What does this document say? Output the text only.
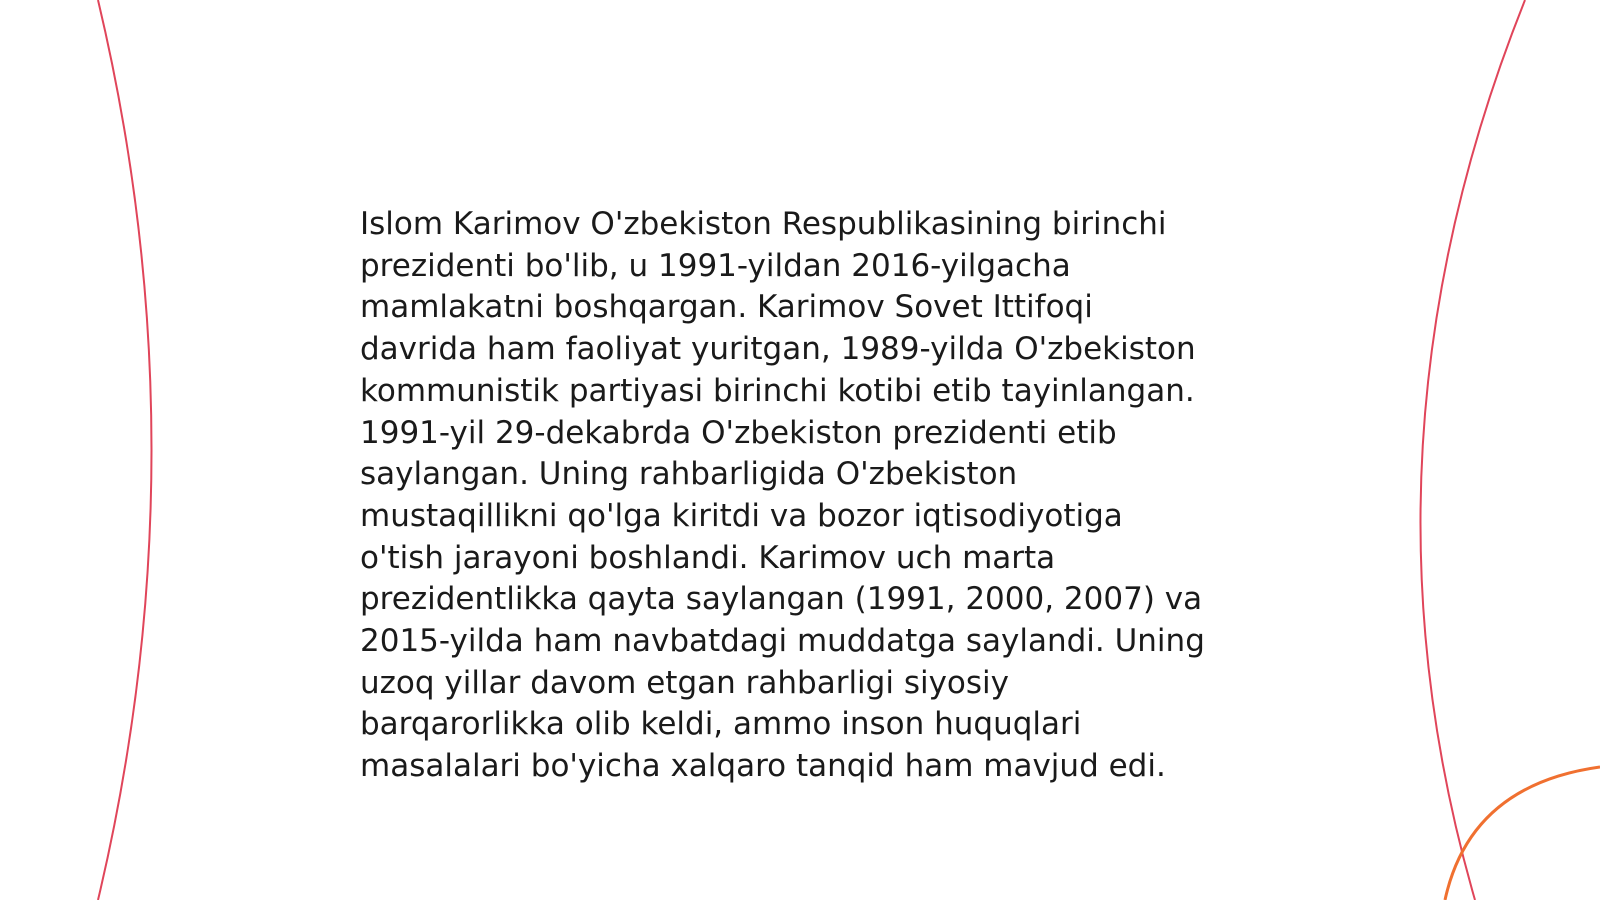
Islom Karimov O'zbekiston Respublikasining birinchi
prezidenti bo'lib, u 1991-yildan 2016-yilgacha
mamlakatni boshqargan. Karimov Sovet Ittifoqi
davrida ham faoliyat yuritgan, 1989-yilda O'zbekiston
kommunistik partiyasi birinchi kotibi etib tayinlangan.
1991-yil 29-dekabrda O'zbekiston prezidenti etib
saylangan. Uning rahbarligida O'zbekiston
mustaqillikni qo'lga kiritdi va bozor iqtisodiyotiga
o'tish jarayoni boshlandi. Karimov uch marta
prezidentlikka qayta saylangan (1991, 2000, 2007) va
2015-yilda ham navbatdagi muddatga saylandi. Uning
uzoq yillar davom etgan rahbarligi siyosiy
barqarorlikka olib keldi, ammo inson huquqlari
masalalari bo'yicha xalqaro tanqid ham mavjud edi.
